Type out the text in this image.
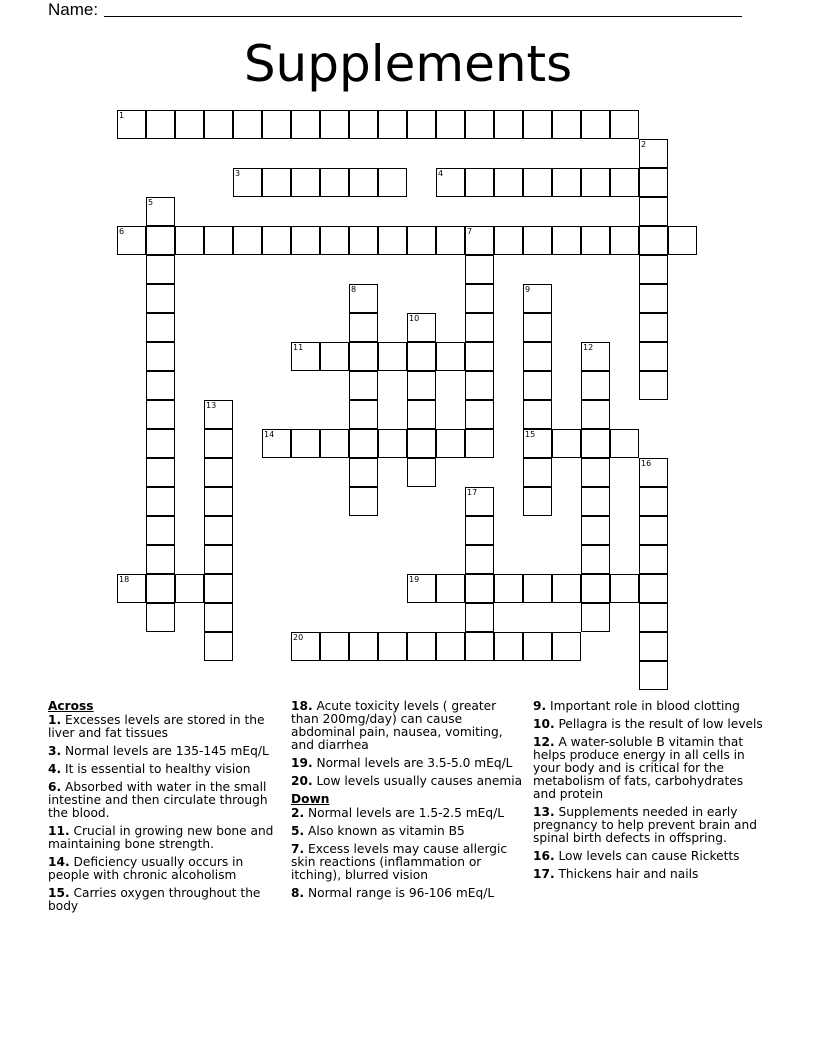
Name:
Supplements
1
3	4
6
11
14	15
18	19
20
2
5
7
8	9
10
12
13
16
17
Across
1. Excesses levels are stored in the liver and fat tissues
3. Normal levels are 135-145 mEq/L
4. It is essential to healthy vision
6. Absorbed with water in the small intestine and then circulate through the blood.
11. Crucial in growing new bone and maintaining bone strength.
14. Deficiency usually occurs in people with chronic alcoholism
15. Carries oxygen throughout the body
18. Acute toxicity levels ( greater than 200mg/day) can cause abdominal pain, nausea, vomiting, and diarrhea
19. Normal levels are 3.5-5.0 mEq/L
20. Low levels usually causes anemia
Down
2. Normal levels are 1.5-2.5 mEq/L
5. Also known as vitamin B5
7. Excess levels may cause allergic skin reactions (inflammation or itching), blurred vision
8. Normal range is 96-106 mEq/L
9. Important role in blood clotting
10. Pellagra is the result of low levels
12. A water-soluble B vitamin that helps produce energy in all cells in your body and is critical for the metabolism of fats, carbohydrates and protein
13. Supplements needed in early pregnancy to help prevent brain and spinal birth defects in offspring.
16. Low levels can cause Ricketts
17. Thickens hair and nails
